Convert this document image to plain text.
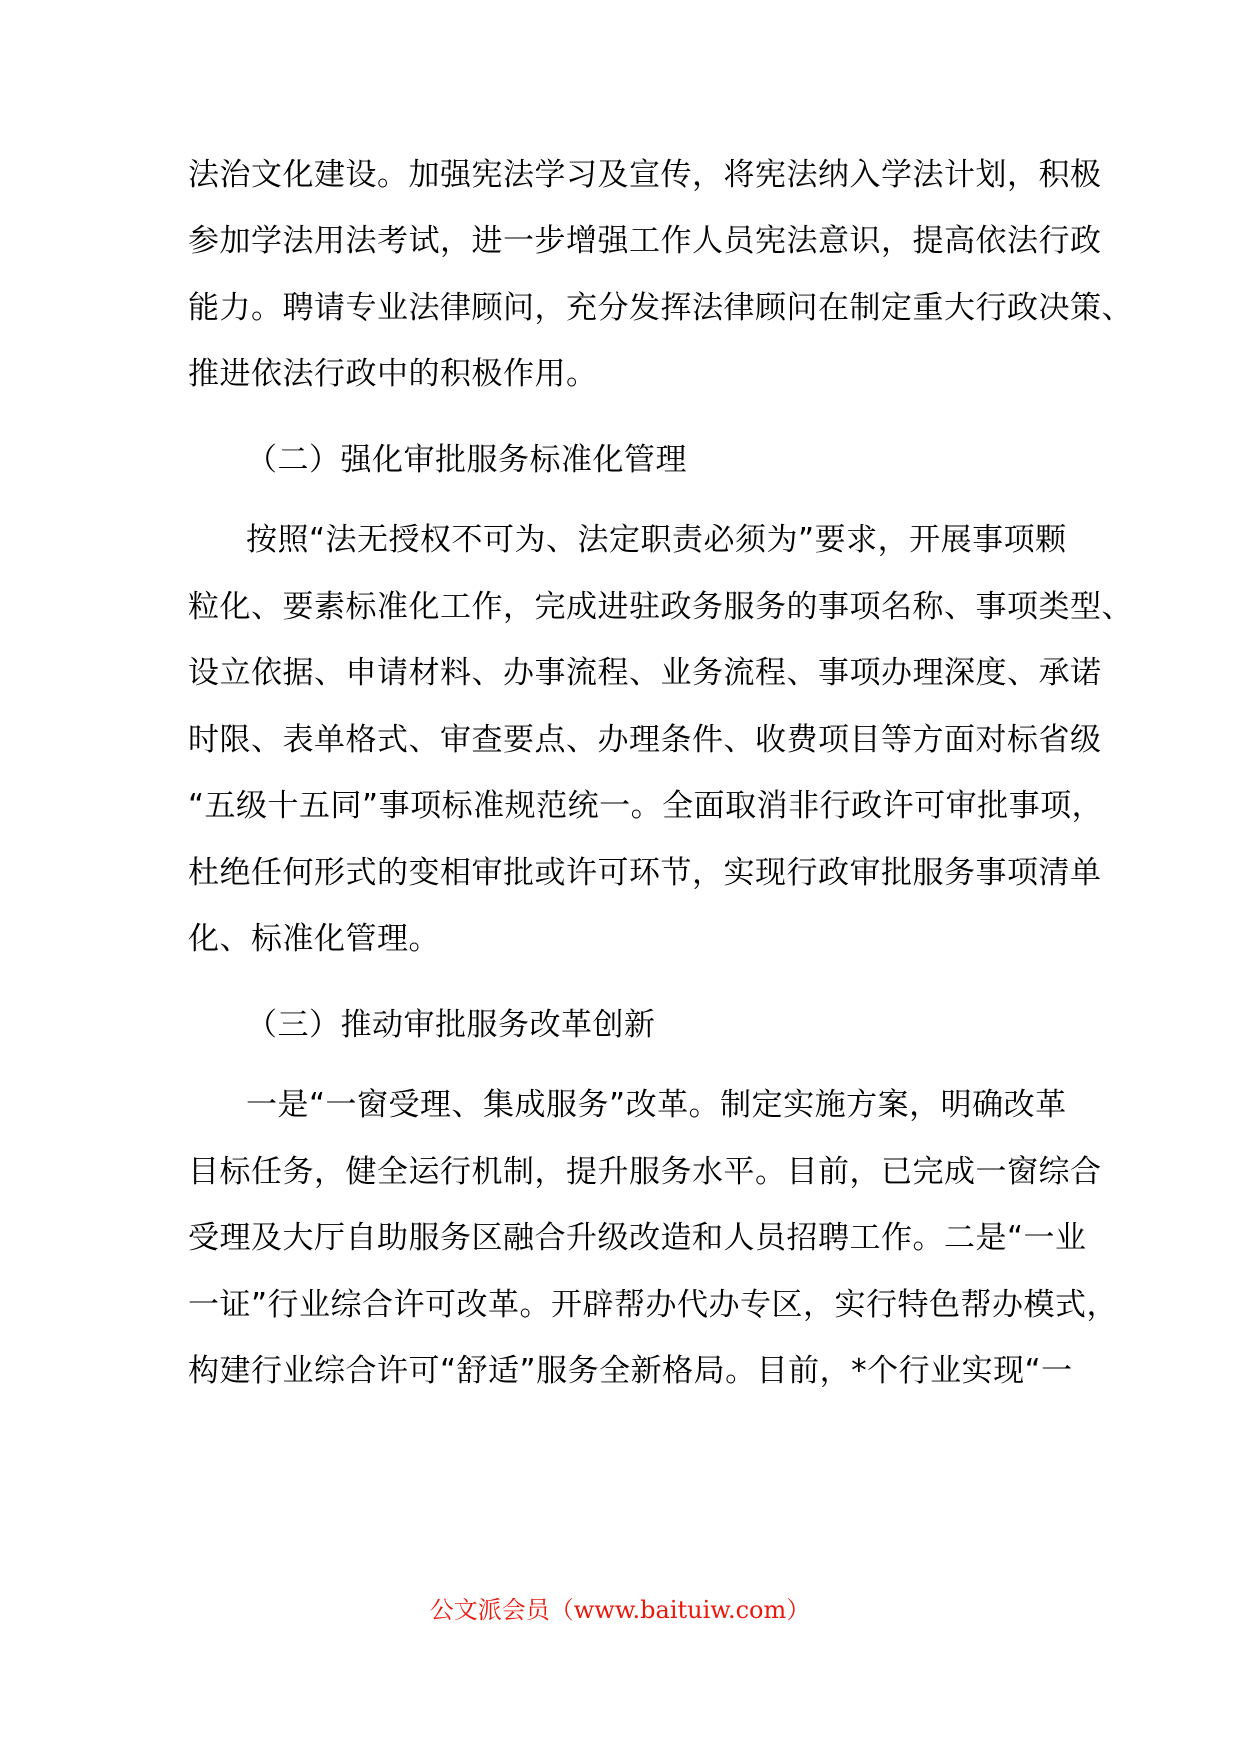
法治文化建设。加强宪法学习及宣传，将宪法纳入学法计划，积极
参加学法用法考试，进一步增强工作人员宪法意识，提高依法行政
能力。聘请专业法律顾问，充分发挥法律顾问在制定重大行政决策、
推进依法行政中的积极作用。
（二）强化审批服务标准化管理
按照“法无授权不可为、法定职责必须为”要求，开展事项颗
粒化、要素标准化工作，完成进驻政务服务的事项名称、事项类型、
设立依据、申请材料、办事流程、业务流程、事项办理深度、承诺
时限、表单格式、审查要点、办理条件、收费项目等方面对标省级
“五级十五同”事项标准规范统一。全面取消非行政许可审批事项，
杜绝任何形式的变相审批或许可环节，实现行政审批服务事项清单
化、标准化管理。
（三）推动审批服务改革创新
一是“一窗受理、集成服务”改革。制定实施方案，明确改革
目标任务，健全运行机制，提升服务水平。目前，已完成一窗综合
受理及大厅自助服务区融合升级改造和人员招聘工作。二是“一业
一证”行业综合许可改革。开辟帮办代办专区，实行特色帮办模式，
构建行业综合许可“舒适”服务全新格局。目前，*个行业实现“一
公文派会员（www.baituiw.com）
